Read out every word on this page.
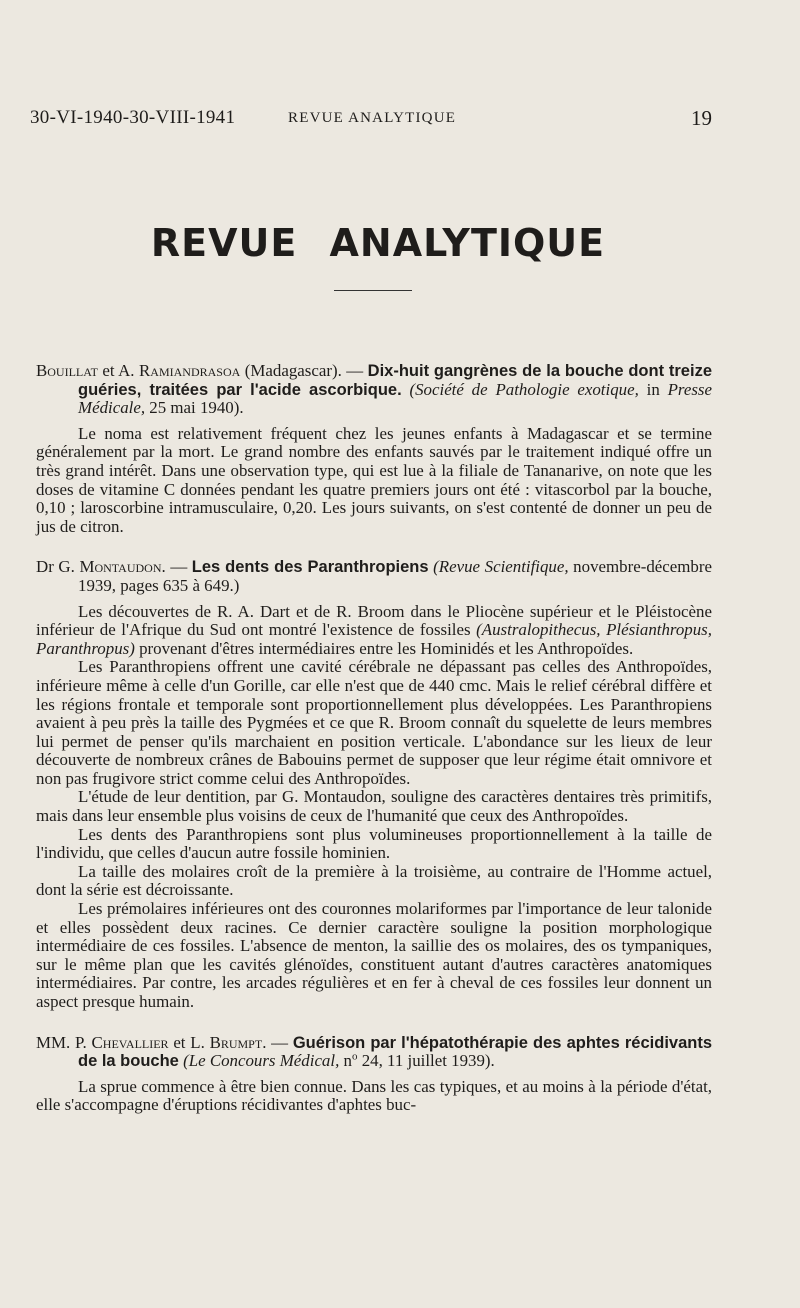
30-VI-1940-30-VIII-1941	REVUE ANALYTIQUE	19
REVUE ANALYTIQUE

Bouillat et A. Ramiandrasoa (Madagascar). — Dix-huit gangrènes de la bouche dont treize guéries, traitées par l'acide ascorbique. (Société de Pathologie exotique, in Presse Médicale, 25 mai 1940).

Le noma est relativement fréquent chez les jeunes enfants à Madagascar et se termine généralement par la mort. Le grand nombre des enfants sauvés par le traitement indiqué offre un très grand intérêt. Dans une observation type, qui est lue à la filiale de Tananarive, on note que les doses de vitamine C données pendant les quatre premiers jours ont été : vitascorbol par la bouche, 0,10 ; laroscorbine intramusculaire, 0,20. Les jours suivants, on s'est contenté de donner un peu de jus de citron.

Dr G. Montaudon. — Les dents des Paranthropiens (Revue Scientifique, novembre-décembre 1939, pages 635 à 649.)

Les découvertes de R. A. Dart et de R. Broom dans le Pliocène supérieur et le Pléistocène inférieur de l'Afrique du Sud ont montré l'existence de fossiles (Australopithecus, Plésianthropus, Paranthropus) provenant d'êtres intermédiaires entre les Hominidés et les Anthropoïdes.

Les Paranthropiens offrent une cavité cérébrale ne dépassant pas celles des Anthropoïdes, inférieure même à celle d'un Gorille, car elle n'est que de 440 cmc. Mais le relief cérébral diffère et les régions frontale et temporale sont proportionnellement plus développées. Les Paranthropiens avaient à peu près la taille des Pygmées et ce que R. Broom connaît du squelette de leurs membres lui permet de penser qu'ils marchaient en position verticale. L'abondance sur les lieux de leur découverte de nombreux crânes de Babouins permet de supposer que leur régime était omnivore et non pas frugivore strict comme celui des Anthropoïdes.

L'étude de leur dentition, par G. Montaudon, souligne des caractères dentaires très primitifs, mais dans leur ensemble plus voisins de ceux de l'humanité que ceux des Anthropoïdes.

Les dents des Paranthropiens sont plus volumineuses proportionnellement à la taille de l'individu, que celles d'aucun autre fossile hominien.

La taille des molaires croît de la première à la troisième, au contraire de l'Homme actuel, dont la série est décroissante.

Les prémolaires inférieures ont des couronnes molariformes par l'importance de leur talonide et elles possèdent deux racines. Ce dernier caractère souligne la position morphologique intermédiaire de ces fossiles. L'absence de menton, la saillie des os molaires, des os tympaniques, sur le même plan que les cavités glénoïdes, constituent autant d'autres caractères anatomiques intermédiaires. Par contre, les arcades régulières et en fer à cheval de ces fossiles leur donnent un aspect presque humain.

MM. P. Chevallier et L. Brumpt. — Guérison par l'hépatothérapie des aphtes récidivants de la bouche (Le Concours Médical, $n^o$ 24, 11 juillet 1939).

La sprue commence à être bien connue. Dans les cas typiques, et au moins à la période d'état, elle s'accompagne d'éruptions récidivantes d'aphtes buc-
